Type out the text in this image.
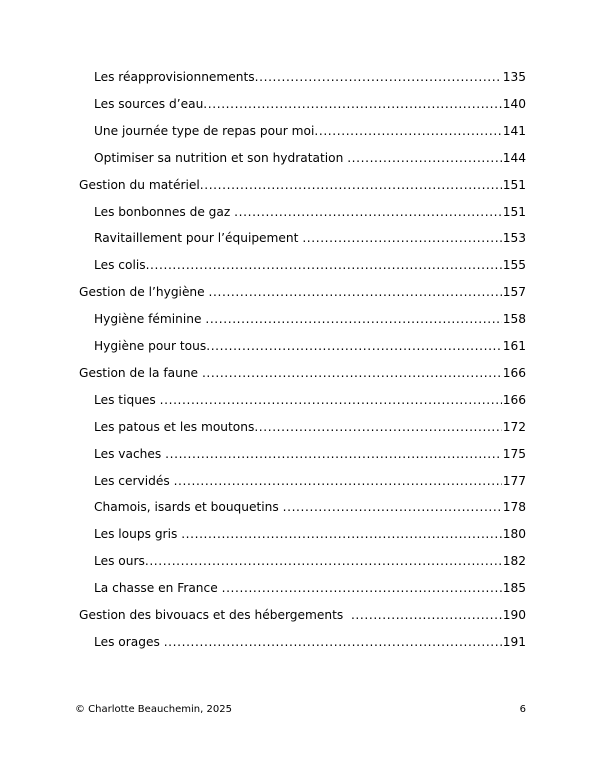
Les réapprovisionnements .....	135
Les sources d’eau .....	140
Une journée type de repas pour moi .....	141
Optimiser sa nutrition et son hydratation .....	144
Gestion du matériel .....	151
Les bonbonnes de gaz .....	151
Ravitaillement pour l’équipement .....	153
Les colis .....	155
Gestion de l’hygiène .....	157
Hygiène féminine .....	158
Hygiène pour tous .....	161
Gestion de la faune .....	166
Les tiques .....	166
Les patous et les moutons .....	172
Les vaches .....	175
Les cervidés .....	177
Chamois, isards et bouquetins .....	178
Les loups gris .....	180
Les ours .....	182
La chasse en France .....	185
Gestion des bivouacs et des hébergements .....	190
Les orages .....	191
© Charlotte Beauchemin, 2025	6
